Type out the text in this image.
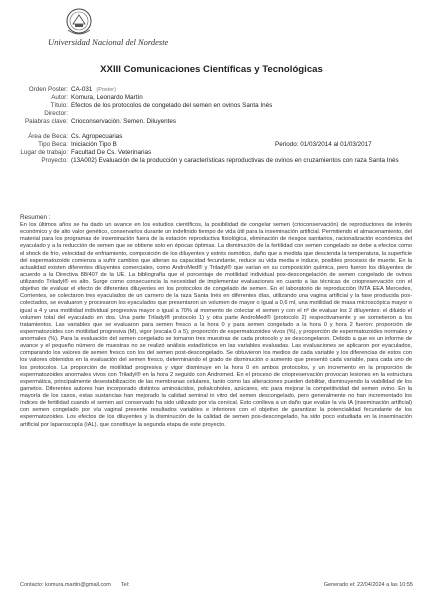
Universidad Nacional del Nordeste
XXIII Comunicaciones Científicas y Tecnológicas
Orden Poster: CA-031 (Poster)
Autor: Komura, Leonardo Martín
Título: Efectos de los protocolos de congelado del semen en ovinos Santa Inés
Director:
Palabras clave: Crioconservación. Semen. Diluyentes
Área de Beca: Cs. Agropecuarias
Tipo Beca: Iniciación Tipo B	Periodo: 01/03/2014 al 01/03/2017
Lugar de trabajo: Facultad De Cs. Veterinarias
Proyecto: (13A002) Evaluación de la producción y características reproductivas de ovinos en cruzamientos con raza Santa Inés
Resumen :
En los últimos años se ha dado un avance en los estudios científicos, la posibilidad de congelar semen (crioconservación) de reproductores de interés económico y de alto valor genético, conservarlos durante un indefinido tiempo de vida útil para la inseminación artificial. Permitiendo el almacenamiento, del material para los programas de inseminación fuera de la estación reproductiva fisiológica, eliminación de riesgos sanitarios, racionalización económica del eyaculado y a la reducción de semen que se obtiene solo en épocas óptimas. La disminución de la fertilidad con semen congelado se debe a efectos como el shock de frío, velocidad de enfriamiento, composición de los diluyentes y estrés osmótico, daño que a medida que descienda la temperatura, la superficie del espermatozoide comienza a sufrir cambios que alteran su capacidad fecundante, reduce su vida media e induce, posibles procesos de muerte. En la actualidad existen diferentes diluyentes comerciales, como AndroMed® y Triladyl® que varían en su composición química, pero fueron los diluyentes de acuerdo a la Directiva 88/407 de la UE. La bibliografía que el porcentaje de motilidad individual pos-descongelación de semen congelado de ovinos utilizando Triladyl® es alto. Surge como consecuencia la necesidad de implementar evaluaciones en cuanto a las técnicas de criopreservación con el objetivo de evaluar el efecto de diferentes diluyentes en los protocolos de congelado de semen. En el laboratorio de reproducción INTA EEA Mercedes, Corrientes, se colectaron tres eyaculados de un carnero de la raza Santa Inés en diferentes días, utilizando una vagina artificial y la fase producida pos-colectados, se evaluaron y procesaron los eyaculados que presentaron un volumen de mayor o igual a 0,6 ml, una motilidad de masa microscópica mayor o igual a 4 y una motilidad individual progresiva mayor o igual a 70% al momento de colectar el semen y con el nº de evaluar los 2 diluyentes: el diluido el volumen total del eyaculado en dos. Una parte Triladyl® protocolo 1) y otra parte AndroMed® (protocolo 2) respectivamente y se sometieron a los tratamientos. Las variables que se evaluaron para semen fresco a la hora 0 y para semen congelado a la hora 0 y hora 2 fueron: proporción de espermatozoides con motilidad progresiva (M), vigor (escala 0 a 5), proporción de espermatozoides vivos (%), y proporción de espermatozoides normales y anormales (%). Para la evaluación del semen congelado se tomaron tres muestras de cada protocolo y se descongelaron. Debido a que es un informe de avance y el pequeño número de muestras no se realizó análisis estadísticos en las variables evaluadas. Las evaluaciones se aplicaron por eyaculados, comparando los valores de semen fresco con los del semen post-descongelado. Se obtuvieron los medios de cada variable y los diferencias de estos con los valores obtenidos en la evaluación del semen fresco, determinando el grado de disminución o aumento que presentó cada variable, para cada uno de los protocolos. La proporción de motilidad progresiva y vigor disminuye en la hora 0 en ambos protocolos, y un incremento en la proporción de espermatozoides anormales vivos con Triladyl® en la hora 2 seguido con Andromed. En el proceso de criopreservación provocan lesiones en la estructura espermática, principalmente desestabilización de las membranas celulares, tanto como las alteraciones pueden debilitar, disminuyendo la viabilidad de los gametos. Diferentes autores han incorporado distintos aminoácidos, polialcoholes, azúcares, etc para mejorar la competitividad del semen ovino. En la mayoría de los casos, estas sustancias han mejorado la calidad seminal in vitro del semen descongelado, pero generalmente no han incrementado los índices de fertilidad cuando el semen así conservado ha sido utilizado por vía cervical. Esto conlleva a un daño que evalúe la vía IA (inseminación artificial) con semen congelado por vía vaginal presente resultados variables e inferiores con el objetivo de garantizar la potencialidad fecundante de los espermatozoides. Los efectos de los diluyentes y la disminución de la calidad de semen pos-descongelado, ha sido poco estudiada en la inseminación artificial por laparoscopía (IAL), que constituye la segunda etapa de este proyecto.
Contacto: komura.martin@gmail.com Tel:	Generado el: 22/04/2024 a las 10:55
